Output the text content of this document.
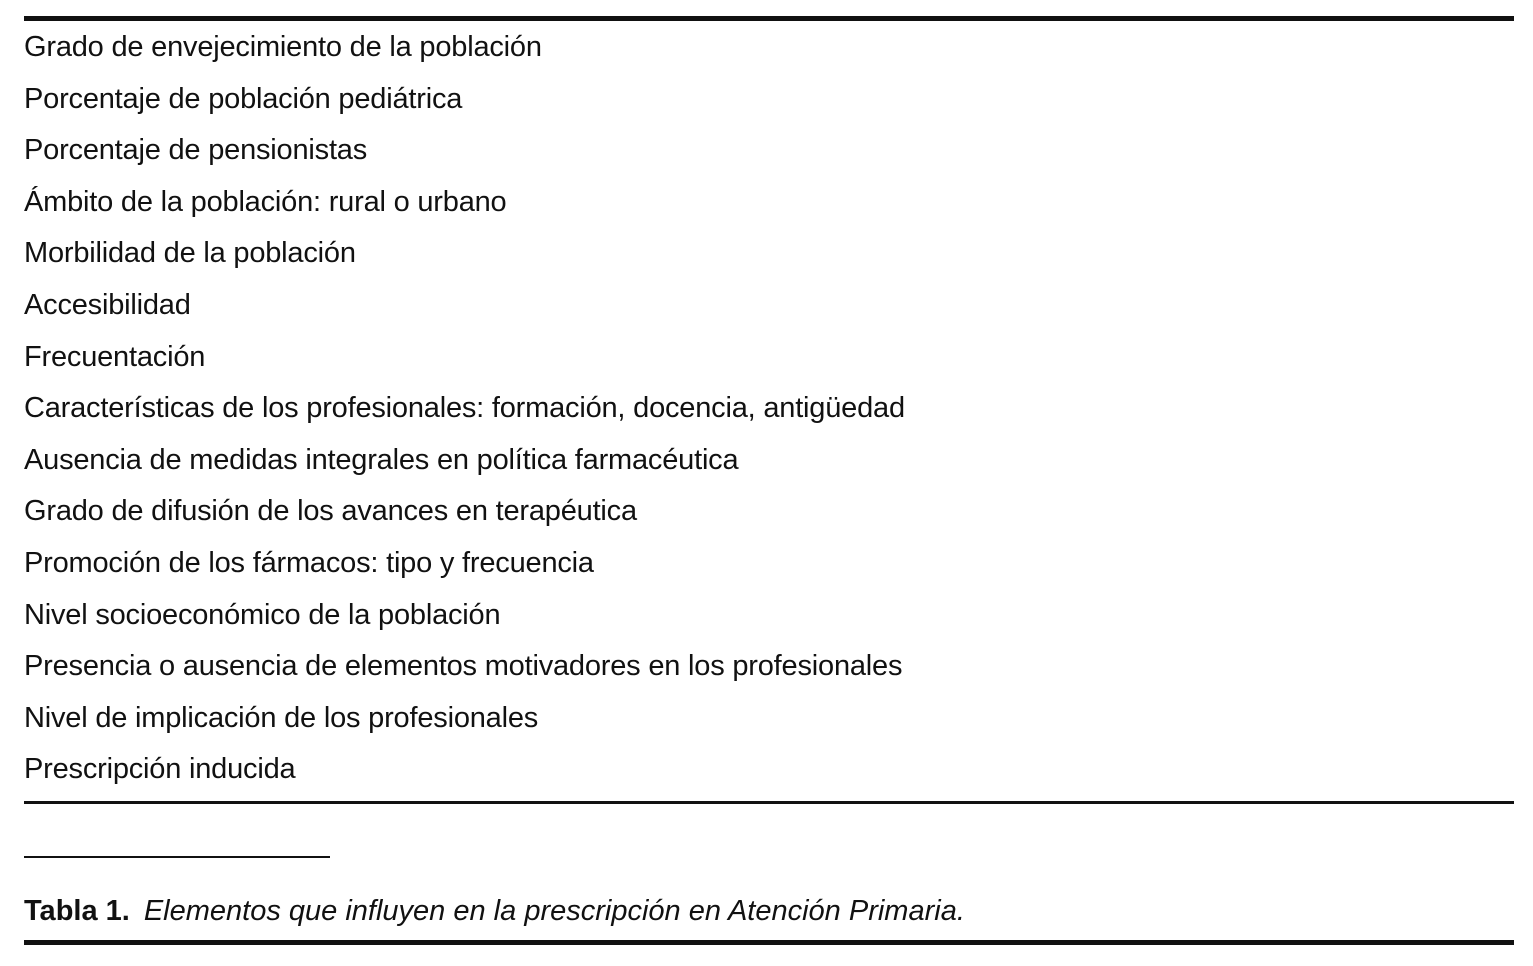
Grado de envejecimiento de la población
Porcentaje de población pediátrica
Porcentaje de pensionistas
Ámbito de la población: rural o urbano
Morbilidad de la población
Accesibilidad
Frecuentación
Características de los profesionales: formación, docencia, antigüedad
Ausencia de medidas integrales en política farmacéutica
Grado de difusión de los avances en terapéutica
Promoción de los fármacos: tipo y frecuencia
Nivel socioeconómico de la población
Presencia o ausencia de elementos motivadores en los profesionales
Nivel de implicación de los profesionales
Prescripción inducida
Tabla 1. Elementos que influyen en la prescripción en Atención Primaria.
